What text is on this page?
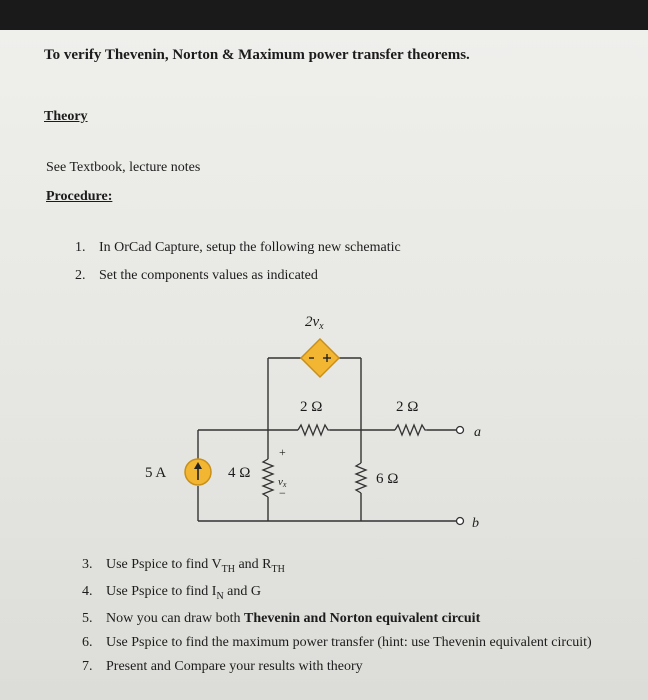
To verify Thevenin, Norton & Maximum power transfer theorems.
Theory
See Textbook, lecture notes
Procedure:
1. In OrCad Capture, setup the following new schematic
2. Set the components values as indicated
$2v_x$
2 Ω	2 Ω
5 A	4 Ω	6 Ω
+
vx
−
a
b
3. Use Pspice to find $V_{TH}$ and $R_{TH}$
4. Use Pspice to find $I_N$ and G
5. Now you can draw both Thevenin and Norton equivalent circuit
6. Use Pspice to find the maximum power transfer (hint: use Thevenin equivalent circuit)
7. Present and Compare your results with theory
